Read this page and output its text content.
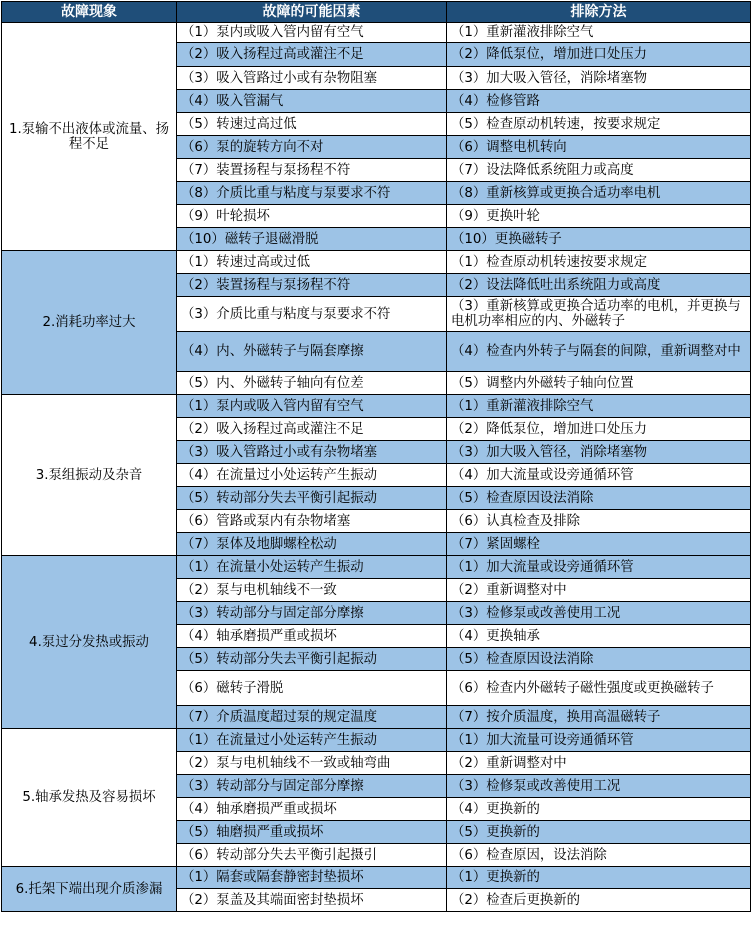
故障现象	故障的可能因素	排除方法
1.泵输不出液体或流量、扬程不足	（1）泵内或吸入管内留有空气	（1）重新灌液排除空气
	（2）吸入扬程过高或灌注不足	（2）降低泵位，增加进口处压力
	（3）吸入管路过小或有杂物阻塞	（3）加大吸入管径，消除堵塞物
	（4）吸入管漏气	（4）检修管路
	（5）转速过高过低	（5）检查原动机转速，按要求规定
	（6）泵的旋转方向不对	（6）调整电机转向
	（7）装置扬程与泵扬程不符	（7）设法降低系统阻力或高度
	（8）介质比重与粘度与泵要求不符	（8）重新核算或更换合适功率电机
	（9）叶轮损坏	（9）更换叶轮
	（10）磁转子退磁滑脱	（10）更换磁转子
2.消耗功率过大	（1）转速过高或过低	（1）检查原动机转速按要求规定
	（2）装置扬程与泵扬程不符	（2）设法降低吐出系统阻力或高度
	（3）介质比重与粘度与泵要求不符	（3）重新核算或更换合适功率的电机，并更换与电机功率相应的内、外磁转子
	（4）内、外磁转子与隔套摩擦	（4）检查内外转子与隔套的间隙，重新调整对中
	（5）内、外磁转子轴向有位差	（5）调整内外磁转子轴向位置
3.泵组振动及杂音	（1）泵内或吸入管内留有空气	（1）重新灌液排除空气
	（2）吸入扬程过高或灌注不足	（2）降低泵位，增加进口处压力
	（3）吸入管路过小或有杂物堵塞	（3）加大吸入管径，消除堵塞物
	（4）在流量过小处运转产生振动	（4）加大流量或设旁通循环管
	（5）转动部分失去平衡引起振动	（5）检查原因设法消除
	（6）管路或泵内有杂物堵塞	（6）认真检查及排除
	（7）泵体及地脚螺栓松动	（7）紧固螺栓
4.泵过分发热或振动	（1）在流量小处运转产生振动	（1）加大流量或设旁通循环管
	（2）泵与电机轴线不一致	（2）重新调整对中
	（3）转动部分与固定部分摩擦	（3）检修泵或改善使用工况
	（4）轴承磨损严重或损坏	（4）更换轴承
	（5）转动部分失去平衡引起振动	（5）检查原因设法消除
	（6）磁转子滑脱	（6）检查内外磁转子磁性强度或更换磁转子
	（7）介质温度超过泵的规定温度	（7）按介质温度，换用高温磁转子
5.轴承发热及容易损坏	（1）在流量过小处运转产生振动	（1）加大流量可设旁通循环管
	（2）泵与电机轴线不一致或轴弯曲	（2）重新调整对中
	（3）转动部分与固定部分摩擦	（3）检修泵或改善使用工况
	（4）轴承磨损严重或损坏	（4）更换新的
	（5）轴磨损严重或损坏	（5）更换新的
	（6）转动部分失去平衡引起摄引	（6）检查原因，设法消除
6.托架下端出现介质渗漏	（1）隔套或隔套静密封垫损坏	（1）更换新的
	（2）泵盖及其端面密封垫损坏	（2）检查后更换新的
